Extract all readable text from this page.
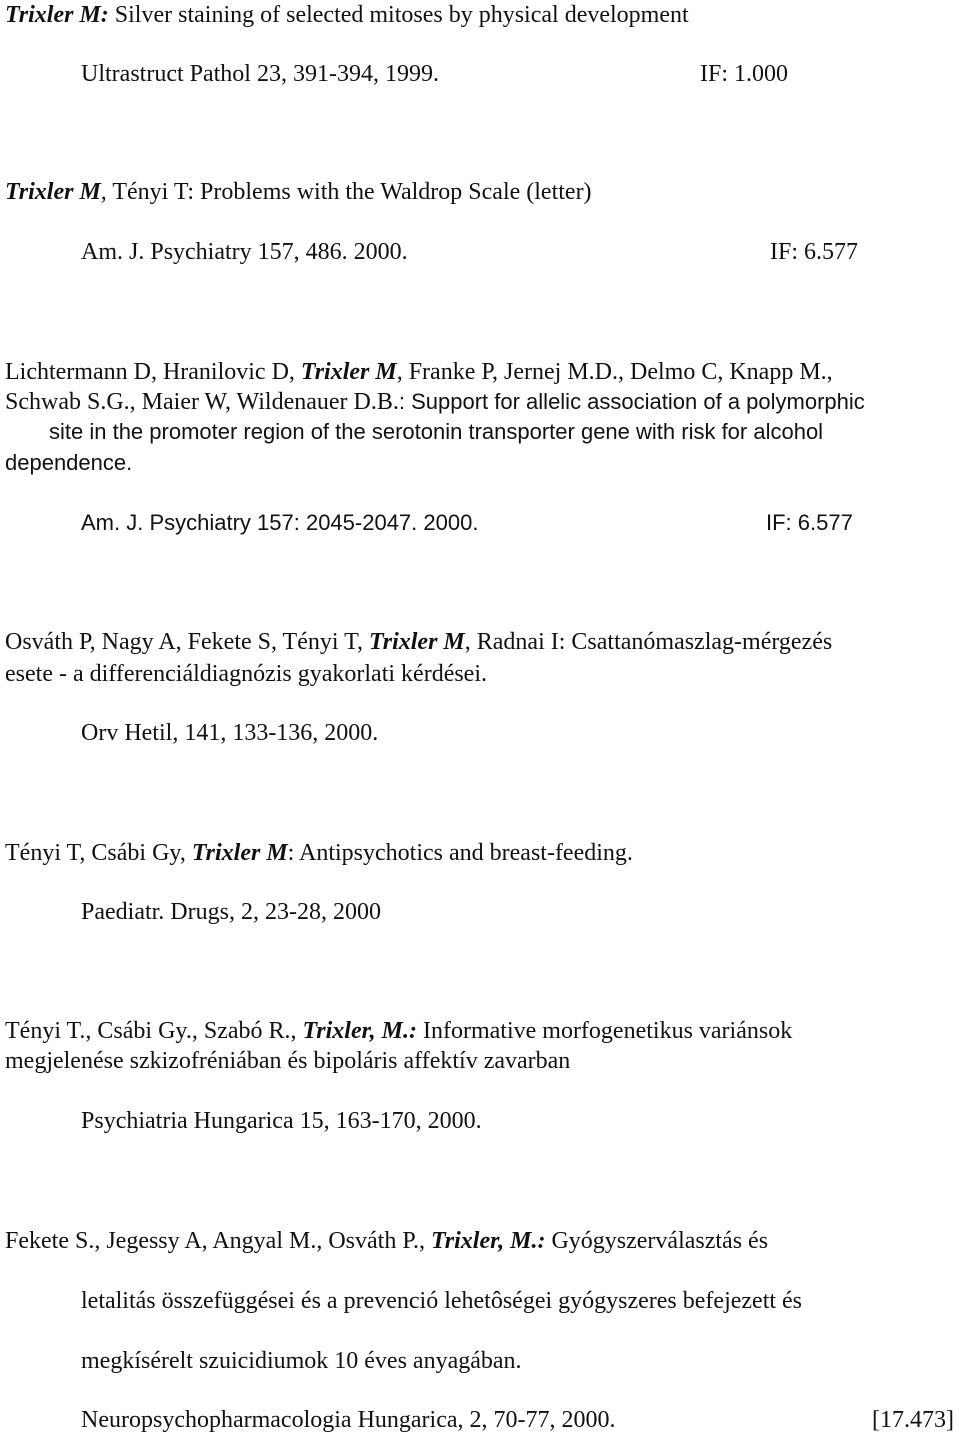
Trixler M: Silver staining of selected mitoses by physical development
Ultrastruct Pathol 23, 391-394, 1999.	IF: 1.000
Trixler M, Tényi T: Problems with the Waldrop Scale (letter)
Am. J. Psychiatry 157, 486. 2000.	IF: 6.577
Lichtermann D, Hranilovic D, Trixler M, Franke P, Jernej M.D., Delmo C, Knapp M.,
Schwab S.G., Maier W, Wildenauer D.B.: Support for allelic association of a polymorphic
site in the promoter region of the serotonin transporter gene with risk for alcohol
dependence.
Am. J. Psychiatry 157: 2045-2047. 2000.	IF: 6.577
Osváth P, Nagy A, Fekete S, Tényi T, Trixler M, Radnai I: Csattanómaszlag-mérgezés
esete - a differenciáldiagnózis gyakorlati kérdései.
Orv Hetil, 141, 133-136, 2000.
Tényi T, Csábi Gy, Trixler M: Antipsychotics and breast-feeding.
Paediatr. Drugs, 2, 23-28, 2000
Tényi T., Csábi Gy., Szabó R., Trixler, M.: Informative morfogenetikus variánsok
megjelenése szkizofréniában és bipoláris affektív zavarban
Psychiatria Hungarica 15, 163-170, 2000.
Fekete S., Jegessy A, Angyal M., Osváth P., Trixler, M.: Gyógyszerválasztás és
letalitás összefüggései és a prevenció lehetôségei gyógyszeres befejezett és
megkísérelt szuicidiumok 10 éves anyagában.
Neuropsychopharmacologia Hungarica, 2, 70-77, 2000.	[17.473]
